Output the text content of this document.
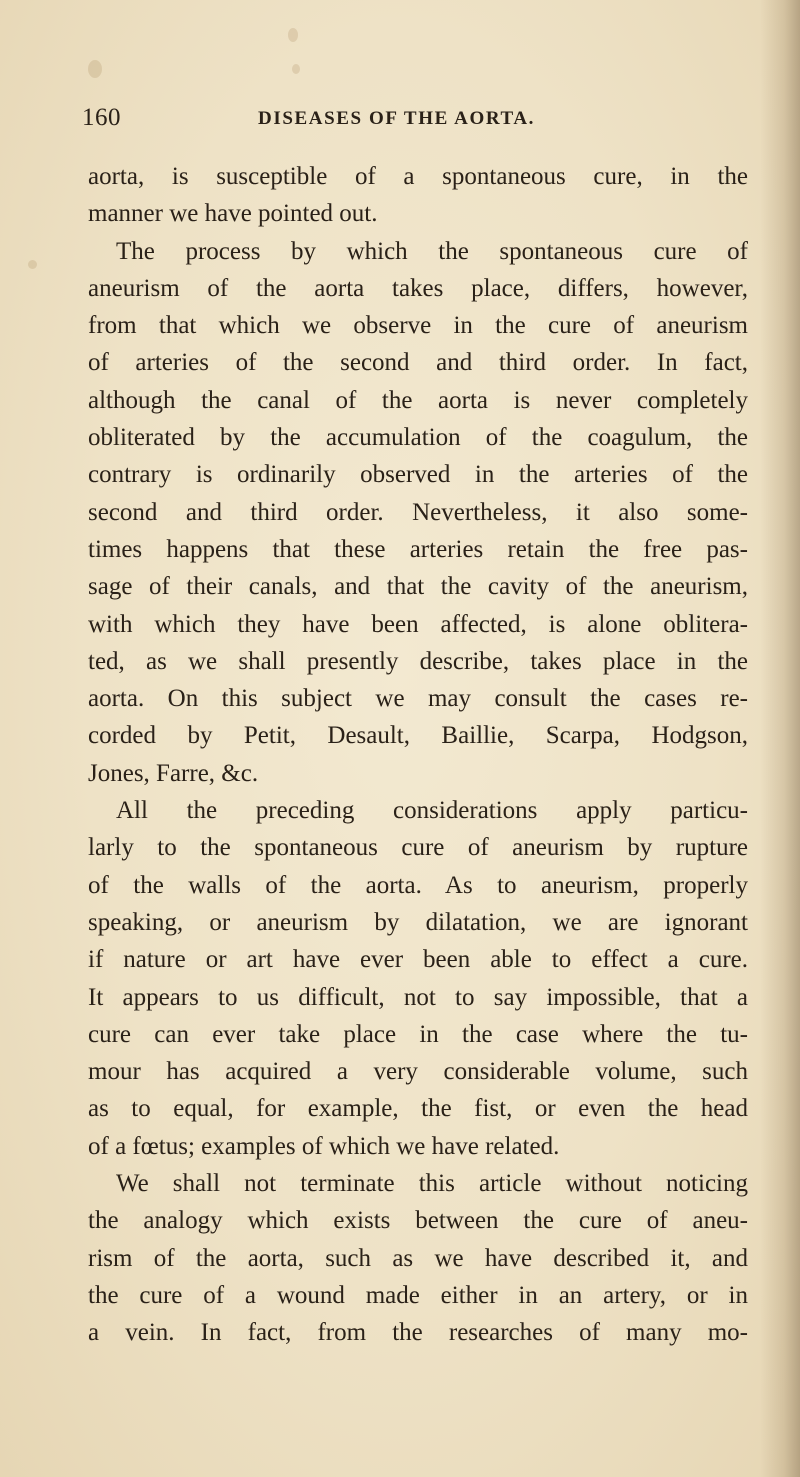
160	DISEASES OF THE AORTA.
aorta, is susceptible of a spontaneous cure, in the
manner we have pointed out.
The process by which the spontaneous cure of
aneurism of the aorta takes place, differs, however,
from that which we observe in the cure of aneurism
of arteries of the second and third order. In fact,
although the canal of the aorta is never completely
obliterated by the accumulation of the coagulum, the
contrary is ordinarily observed in the arteries of the
second and third order. Nevertheless, it also some-
times happens that these arteries retain the free pas-
sage of their canals, and that the cavity of the aneurism,
with which they have been affected, is alone oblitera-
ted, as we shall presently describe, takes place in the
aorta. On this subject we may consult the cases re-
corded by Petit, Desault, Baillie, Scarpa, Hodgson,
Jones, Farre, &c.
All the preceding considerations apply particu-
larly to the spontaneous cure of aneurism by rupture
of the walls of the aorta. As to aneurism, properly
speaking, or aneurism by dilatation, we are ignorant
if nature or art have ever been able to effect a cure.
It appears to us difficult, not to say impossible, that a
cure can ever take place in the case where the tu-
mour has acquired a very considerable volume, such
as to equal, for example, the fist, or even the head
of a fœtus; examples of which we have related.
We shall not terminate this article without noticing
the analogy which exists between the cure of aneu-
rism of the aorta, such as we have described it, and
the cure of a wound made either in an artery, or in
a vein. In fact, from the researches of many mo-
